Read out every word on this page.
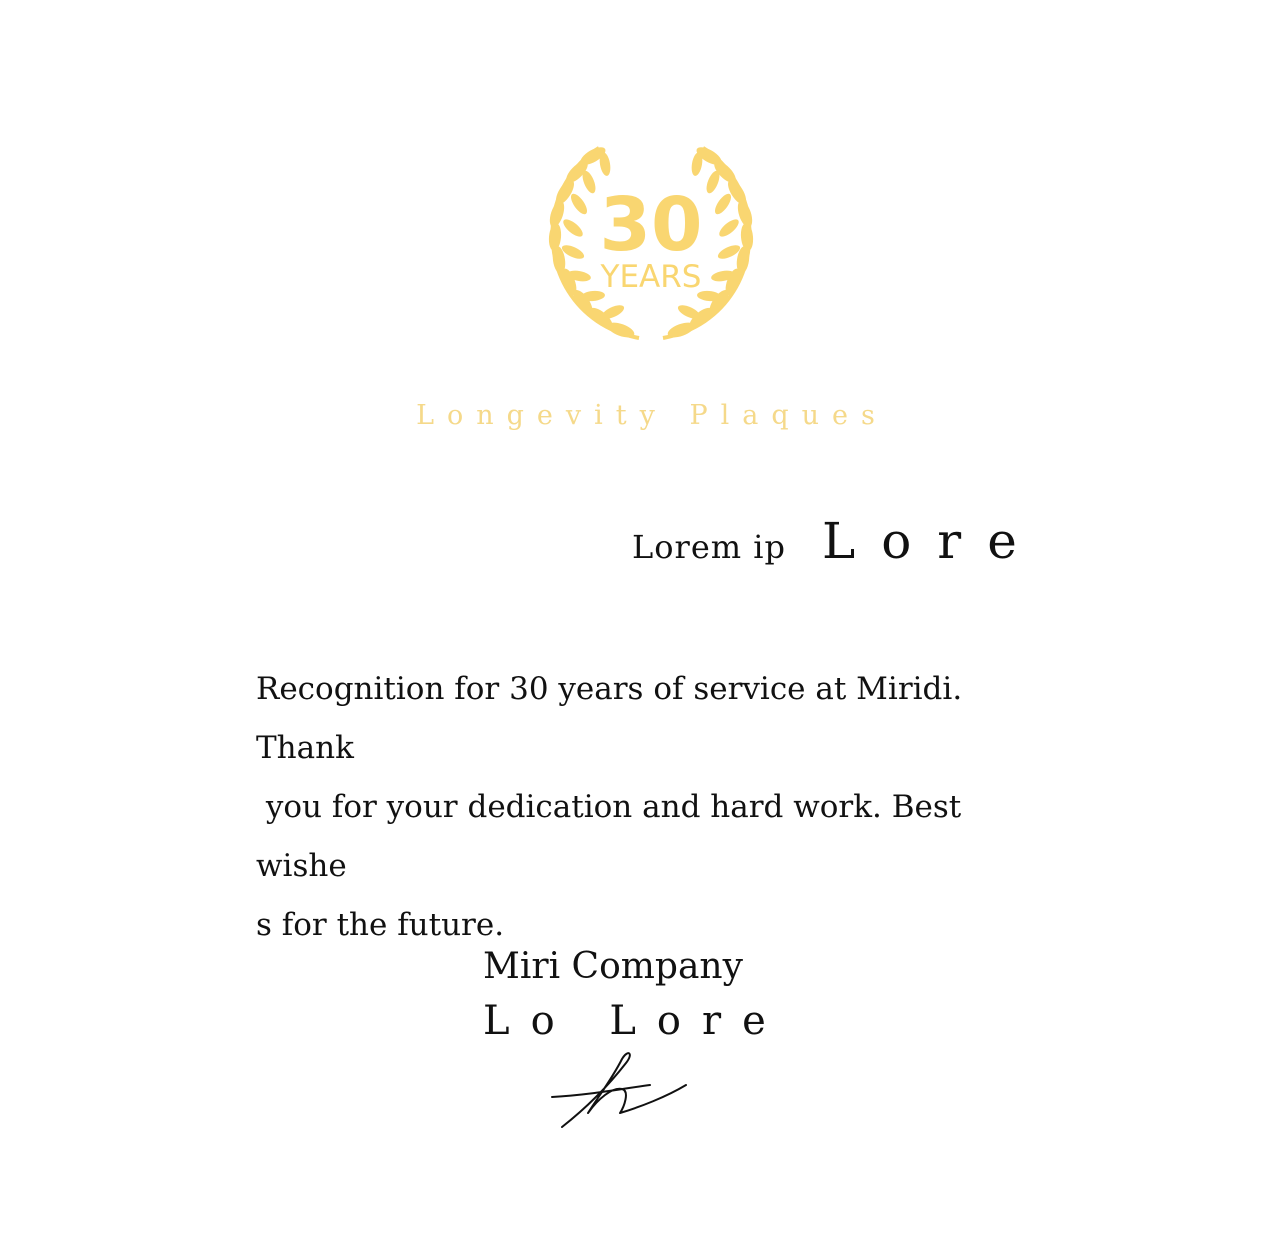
30
YEARS
Longevity Plaques
Lorem ip Lore
Recognition for 30 years of service at Miridi. Thank
you for your dedication and hard work. Best wishe
s for the future.
Miri Company
Lo Lore
